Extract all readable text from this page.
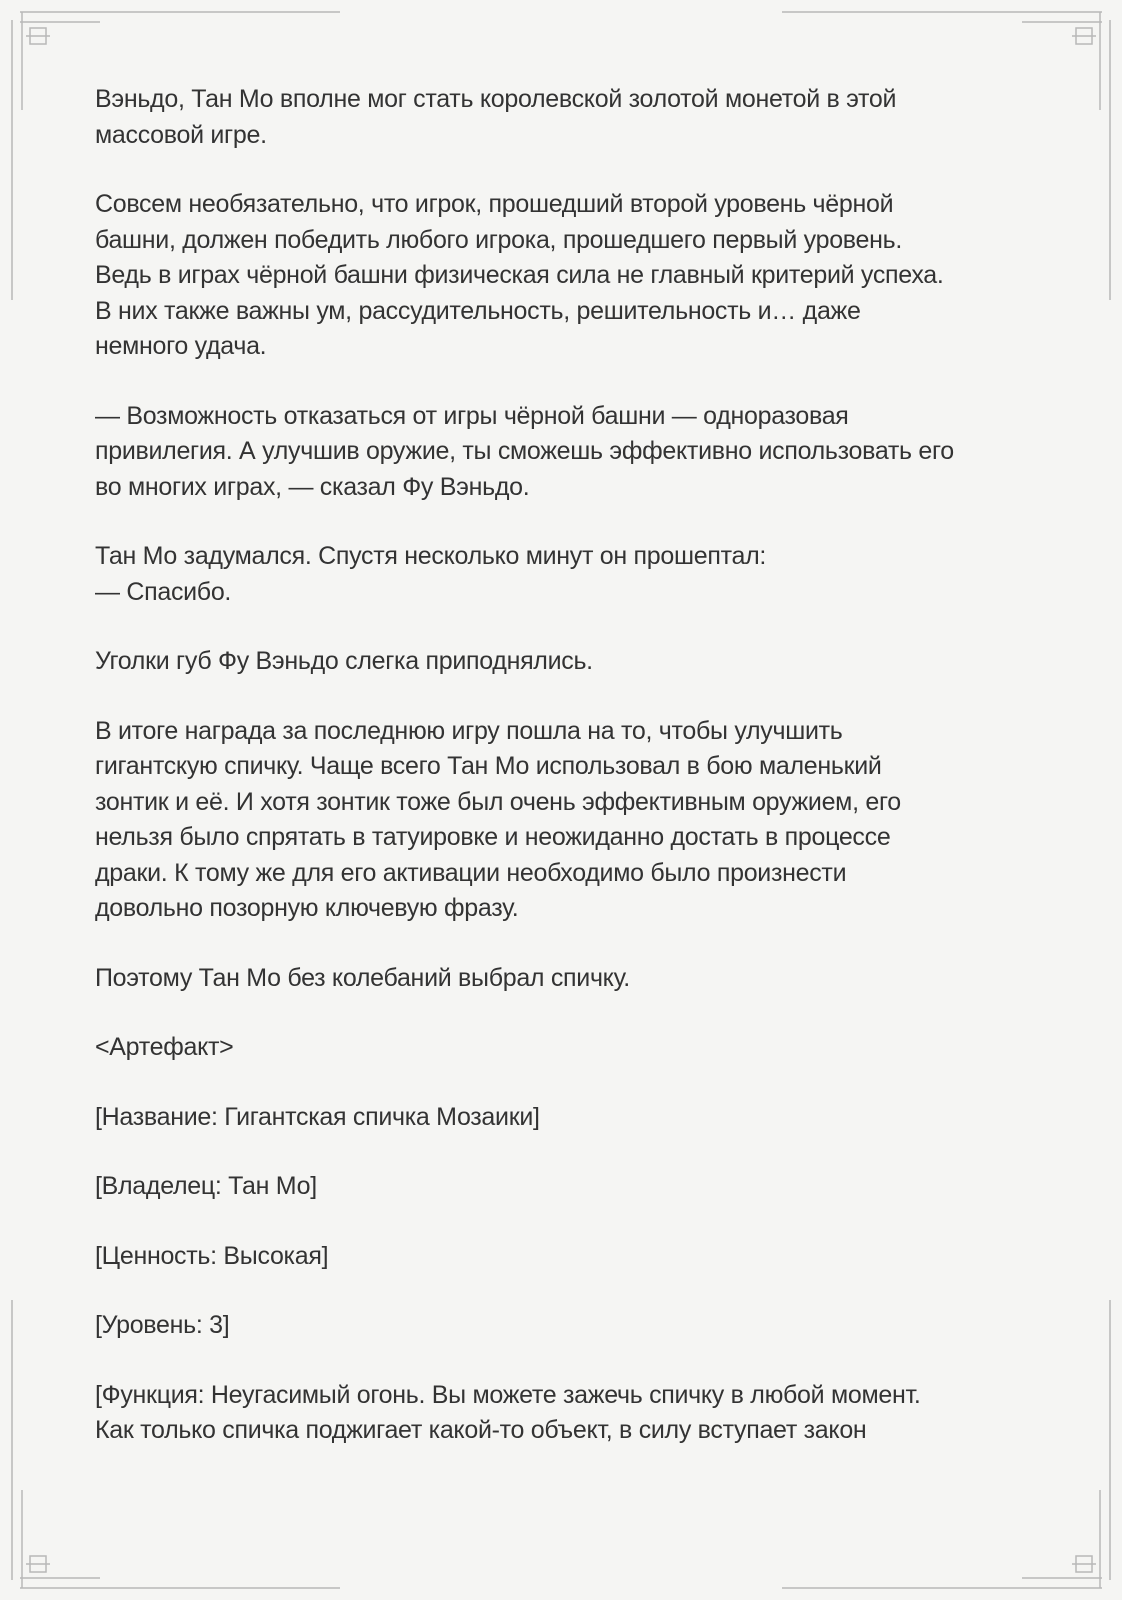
Вэньдо, Тан Мо вполне мог стать королевской золотой монетой в этой
массовой игре.

Совсем необязательно, что игрок, прошедший второй уровень чёрной
башни, должен победить любого игрока, прошедшего первый уровень.
Ведь в играх чёрной башни физическая сила не главный критерий успеха.
В них также важны ум, рассудительность, решительность и… даже
немного удача.

— Возможность отказаться от игры чёрной башни — одноразовая
привилегия. А улучшив оружие, ты сможешь эффективно использовать его
во многих играх, — сказал Фу Вэньдо.

Тан Мо задумался. Спустя несколько минут он прошептал:
— Спасибо.

Уголки губ Фу Вэньдо слегка приподнялись.

В итоге награда за последнюю игру пошла на то, чтобы улучшить
гигантскую спичку. Чаще всего Тан Мо использовал в бою маленький
зонтик и её. И хотя зонтик тоже был очень эффективным оружием, его
нельзя было спрятать в татуировке и неожиданно достать в процессе
драки. К тому же для его активации необходимо было произнести
довольно позорную ключевую фразу.

Поэтому Тан Мо без колебаний выбрал спичку.

<Артефакт>

[Название: Гигантская спичка Мозаики]

[Владелец: Тан Мо]

[Ценность: Высокая]

[Уровень: 3]

[Функция: Неугасимый огонь. Вы можете зажечь спичку в любой момент.
Как только спичка поджигает какой-то объект, в силу вступает закон
